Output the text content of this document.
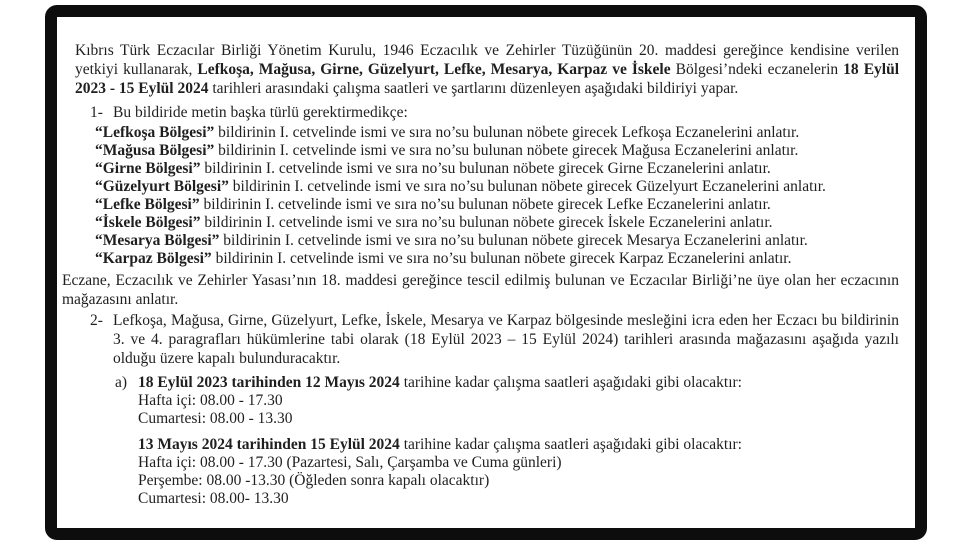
Kıbrıs Türk Eczacılar Birliği Yönetim Kurulu, 1946 Eczacılık ve Zehirler Tüzüğünün 20. maddesi gereğince kendisine verilen yetkiyi kullanarak, Lefkoşa, Mağusa, Girne, Güzelyurt, Lefke, Mesarya, Karpaz ve İskele Bölgesi’ndeki eczanelerin 18 Eylül 2023 - 15 Eylül 2024 tarihleri arasındaki çalışma saatleri ve şartlarını düzenleyen aşağıdaki bildiriyi yapar.

1- Bu bildiride metin başka türlü gerektirmedikçe:
“Lefkoşa Bölgesi” bildirinin I. cetvelinde ismi ve sıra no’su bulunan nöbete girecek Lefkoşa Eczanelerini anlatır.
“Mağusa Bölgesi” bildirinin I. cetvelinde ismi ve sıra no’su bulunan nöbete girecek Mağusa Eczanelerini anlatır.
“Girne Bölgesi” bildirinin I. cetvelinde ismi ve sıra no’su bulunan nöbete girecek Girne Eczanelerini anlatır.
“Güzelyurt Bölgesi” bildirinin I. cetvelinde ismi ve sıra no’su bulunan nöbete girecek Güzelyurt Eczanelerini anlatır.
“Lefke Bölgesi” bildirinin I. cetvelinde ismi ve sıra no’su bulunan nöbete girecek Lefke Eczanelerini anlatır.
“İskele Bölgesi” bildirinin I. cetvelinde ismi ve sıra no’su bulunan nöbete girecek İskele Eczanelerini anlatır.
“Mesarya Bölgesi” bildirinin I. cetvelinde ismi ve sıra no’su bulunan nöbete girecek Mesarya Eczanelerini anlatır.
“Karpaz Bölgesi” bildirinin I. cetvelinde ismi ve sıra no’su bulunan nöbete girecek Karpaz Eczanelerini anlatır.

Eczane, Eczacılık ve Zehirler Yasası’nın 18. maddesi gereğince tescil edilmiş bulunan ve Eczacılar Birliği’ne üye olan her eczacının mağazasını anlatır.

2- Lefkoşa, Mağusa, Girne, Güzelyurt, Lefke, İskele, Mesarya ve Karpaz bölgesinde mesleğini icra eden her Eczacı bu bildirinin 3. ve 4. paragrafları hükümlerine tabi olarak (18 Eylül 2023 – 15 Eylül 2024) tarihleri arasında mağazasını aşağıda yazılı olduğu üzere kapalı bulunduracaktır.
a) 18 Eylül 2023 tarihinden 12 Mayıs 2024 tarihine kadar çalışma saatleri aşağıdaki gibi olacaktır:
Hafta içi: 08.00 - 17.30
Cumartesi: 08.00 - 13.30
13 Mayıs 2024 tarihinden 15 Eylül 2024 tarihine kadar çalışma saatleri aşağıdaki gibi olacaktır:
Hafta içi: 08.00 - 17.30 (Pazartesi, Salı, Çarşamba ve Cuma günleri)
Perşembe: 08.00 -13.30 (Öğleden sonra kapalı olacaktır)
Cumartesi: 08.00- 13.30
